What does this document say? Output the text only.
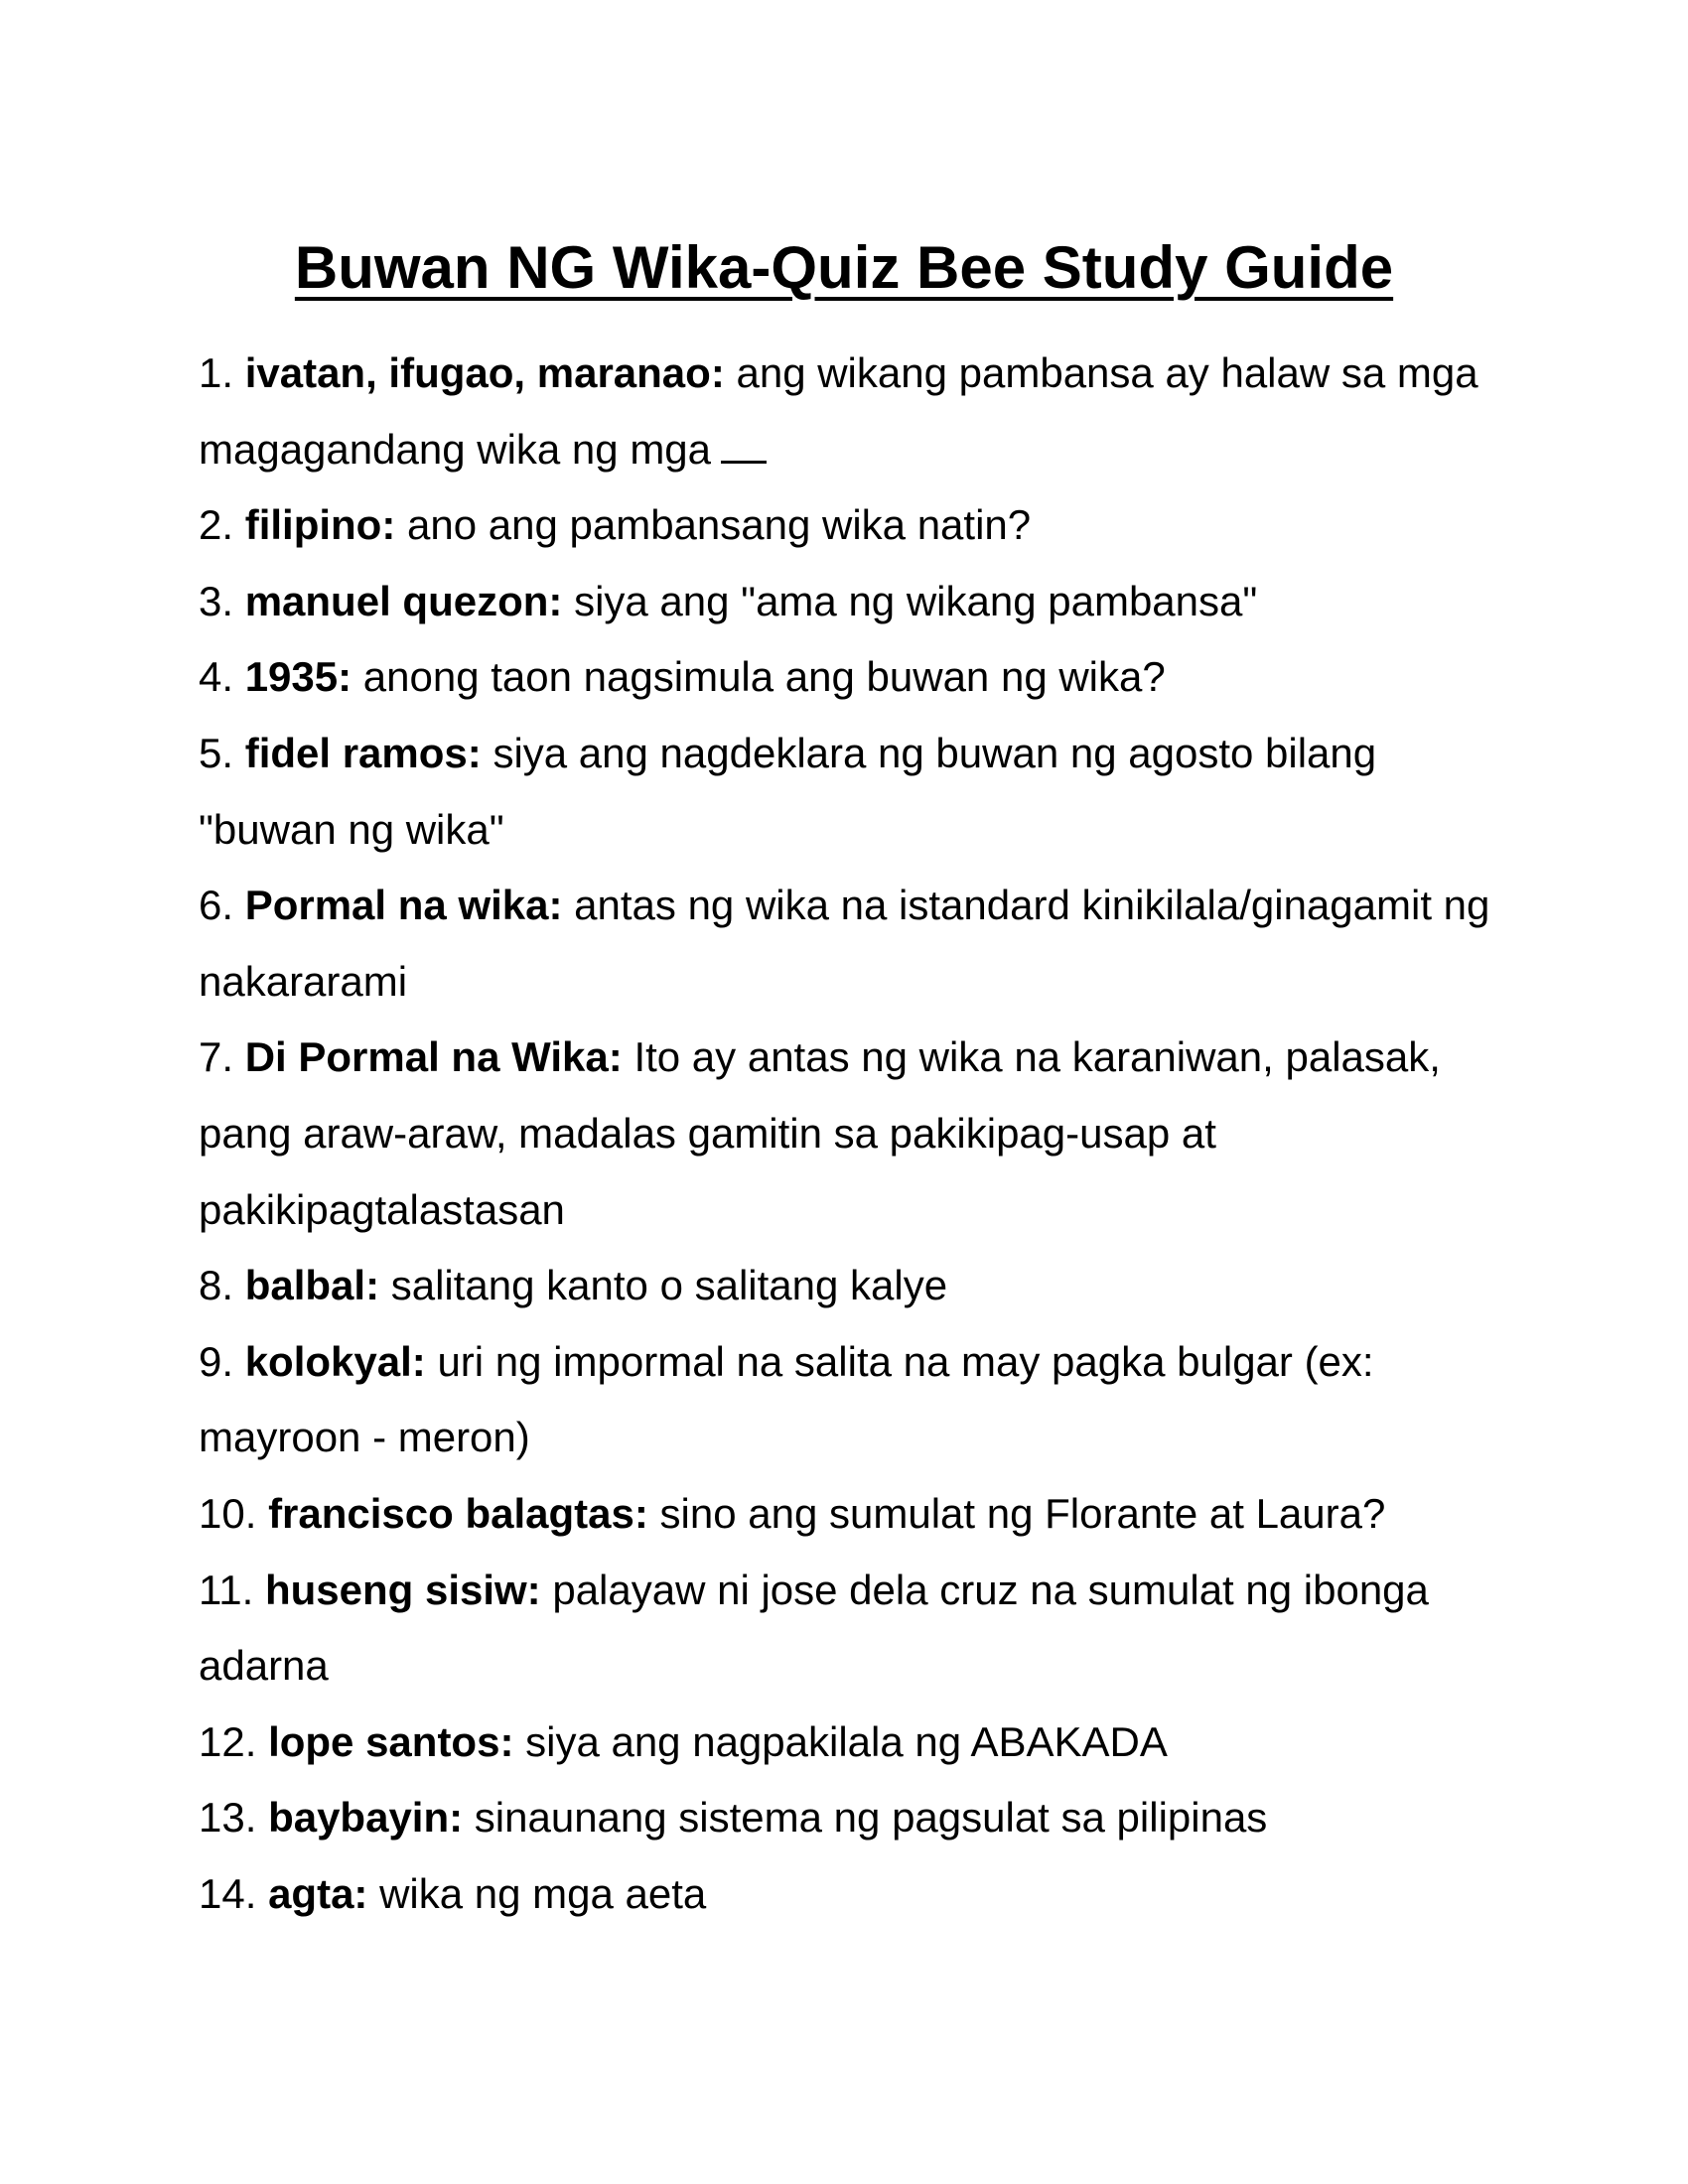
Buwan NG Wika-Quiz Bee Study Guide

1. ivatan, ifugao, maranao: ang wikang pambansa ay halaw sa mga magagandang wika ng mga

2. filipino: ano ang pambansang wika natin?

3. manuel quezon: siya ang "ama ng wikang pambansa"

4. 1935: anong taon nagsimula ang buwan ng wika?

5. fidel ramos: siya ang nagdeklara ng buwan ng agosto bilang "buwan ng wika"

6. Pormal na wika: antas ng wika na istandard kinikilala/ginagamit ng nakararami

7. Di Pormal na Wika: Ito ay antas ng wika na karaniwan, palasak, pang araw-araw, madalas gamitin sa pakikipag-usap at pakikipagtalastasan

8. balbal: salitang kanto o salitang kalye

9. kolokyal: uri ng impormal na salita na may pagka bulgar (ex: mayroon - meron)

10. francisco balagtas: sino ang sumulat ng Florante at Laura?

11. huseng sisiw: palayaw ni jose dela cruz na sumulat ng ibonga adarna

12. lope santos: siya ang nagpakilala ng ABAKADA

13. baybayin: sinaunang sistema ng pagsulat sa pilipinas

14. agta: wika ng mga aeta
